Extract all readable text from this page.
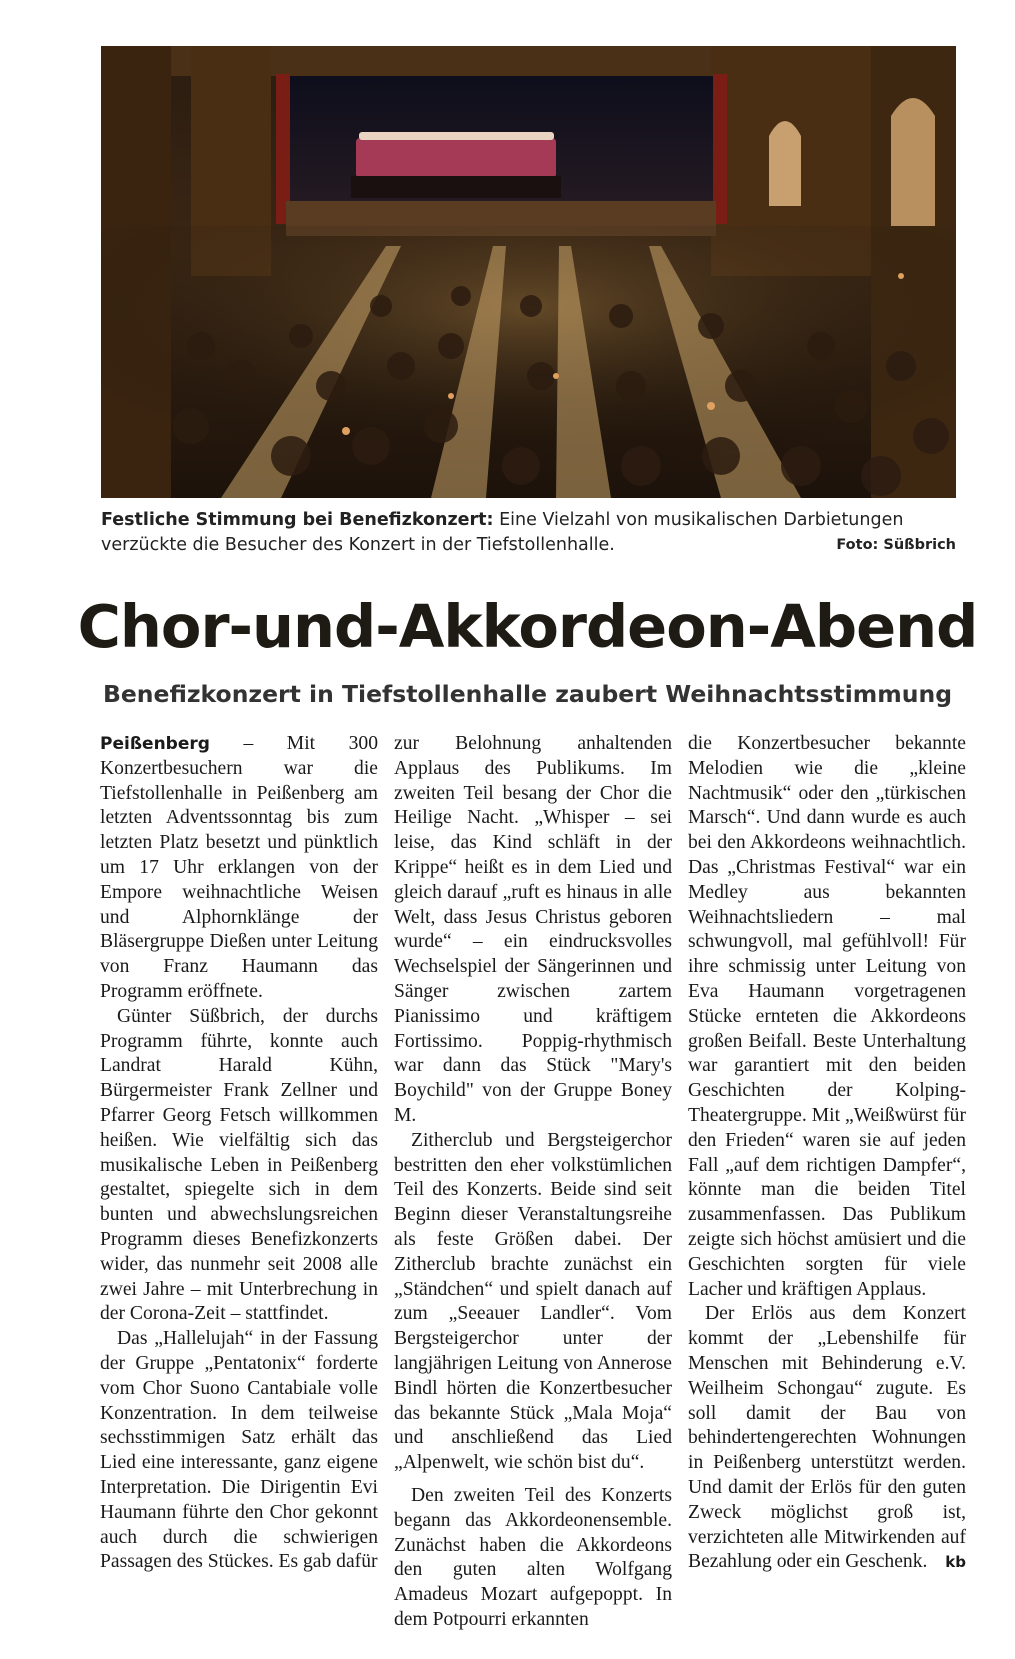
Festliche Stimmung bei Benefizkonzert: Eine Vielzahl von musikalischen Darbietungen verzückte die Besucher des Konzert in der Tiefstollenhalle.	Foto: Süßbrich
Chor-und-Akkordeon-Abend
Benefizkonzert in Tiefstollenhalle zaubert Weihnachtsstimmung

Peißenberg – Mit 300 Konzertbesuchern war die Tiefstollenhalle in Peißenberg am letzten Adventssonntag bis zum letzten Platz besetzt und pünktlich um 17 Uhr erklangen von der Empore weihnachtliche Weisen und Alphornklänge der Bläsergruppe Dießen unter Leitung von Franz Haumann das Programm eröffnete.

Günter Süßbrich, der durchs Programm führte, konnte auch Landrat Harald Kühn, Bürgermeister Frank Zellner und Pfarrer Georg Fetsch willkommen heißen. Wie vielfältig sich das musikalische Leben in Peißenberg gestaltet, spiegelte sich in dem bunten und abwechslungsreichen Programm dieses Benefizkonzerts wider, das nunmehr seit 2008 alle zwei Jahre – mit Unterbrechung in der Corona-Zeit – stattfindet.

Das „Hallelujah“ in der Fassung der Gruppe „Pentatonix“ forderte vom Chor Suono Cantabiale volle Konzentration. In dem teilweise sechsstimmigen Satz erhält das Lied eine interessante, ganz eigene Interpretation. Die Dirigentin Evi Haumann führte den Chor gekonnt auch durch die schwierigen Passagen des Stückes. Es gab dafür

zur Belohnung anhaltenden Applaus des Publikums. Im zweiten Teil besang der Chor die Heilige Nacht. „Whisper – sei leise, das Kind schläft in der Krippe“ heißt es in dem Lied und gleich darauf „ruft es hinaus in alle Welt, dass Jesus Christus geboren wurde“ – ein eindrucksvolles Wechselspiel der Sängerinnen und Sänger zwischen zartem Pianissimo und kräftigem Fortissimo. Poppig-rhythmisch war dann das Stück "Mary's Boychild" von der Gruppe Boney M.

Zitherclub und Bergsteigerchor bestritten den eher volkstümlichen Teil des Konzerts. Beide sind seit Beginn dieser Veranstaltungsreihe als feste Größen dabei. Der Zitherclub brachte zunächst ein „Ständchen“ und spielt danach auf zum „Seeauer Landler“. Vom Bergsteigerchor unter der langjährigen Leitung von Annerose Bindl hörten die Konzertbesucher das bekannte Stück „Mala Moja“ und anschließend das Lied „Alpenwelt, wie schön bist du“.

Den zweiten Teil des Konzerts begann das Akkordeonensemble. Zunächst haben die Akkordeons den guten alten Wolfgang Amadeus Mozart aufgepoppt. In dem Potpourri erkannten

die Konzertbesucher bekannte Melodien wie die „kleine Nachtmusik“ oder den „türkischen Marsch“. Und dann wurde es auch bei den Akkordeons weihnachtlich. Das „Christmas Festival“ war ein Medley aus bekannten Weihnachtsliedern – mal schwungvoll, mal gefühlvoll! Für ihre schmissig unter Leitung von Eva Haumann vorgetragenen Stücke ernteten die Akkordeons großen Beifall. Beste Unterhaltung war garantiert mit den beiden Geschichten der Kolping-Theatergruppe. Mit „Weißwürst für den Frieden“ waren sie auf jeden Fall „auf dem richtigen Dampfer“, könnte man die beiden Titel zusammenfassen. Das Publikum zeigte sich höchst amüsiert und die Geschichten sorgten für viele Lacher und kräftigen Applaus.

Der Erlös aus dem Konzert kommt der „Lebenshilfe für Menschen mit Behinderung e.V. Weilheim Schongau“ zugute. Es soll damit der Bau von behindertengerechten Wohnungen in Peißenberg unterstützt werden. Und damit der Erlös für den guten Zweck möglichst groß ist, verzichteten alle Mitwirkenden auf Bezahlung oder ein Geschenk.	kb
